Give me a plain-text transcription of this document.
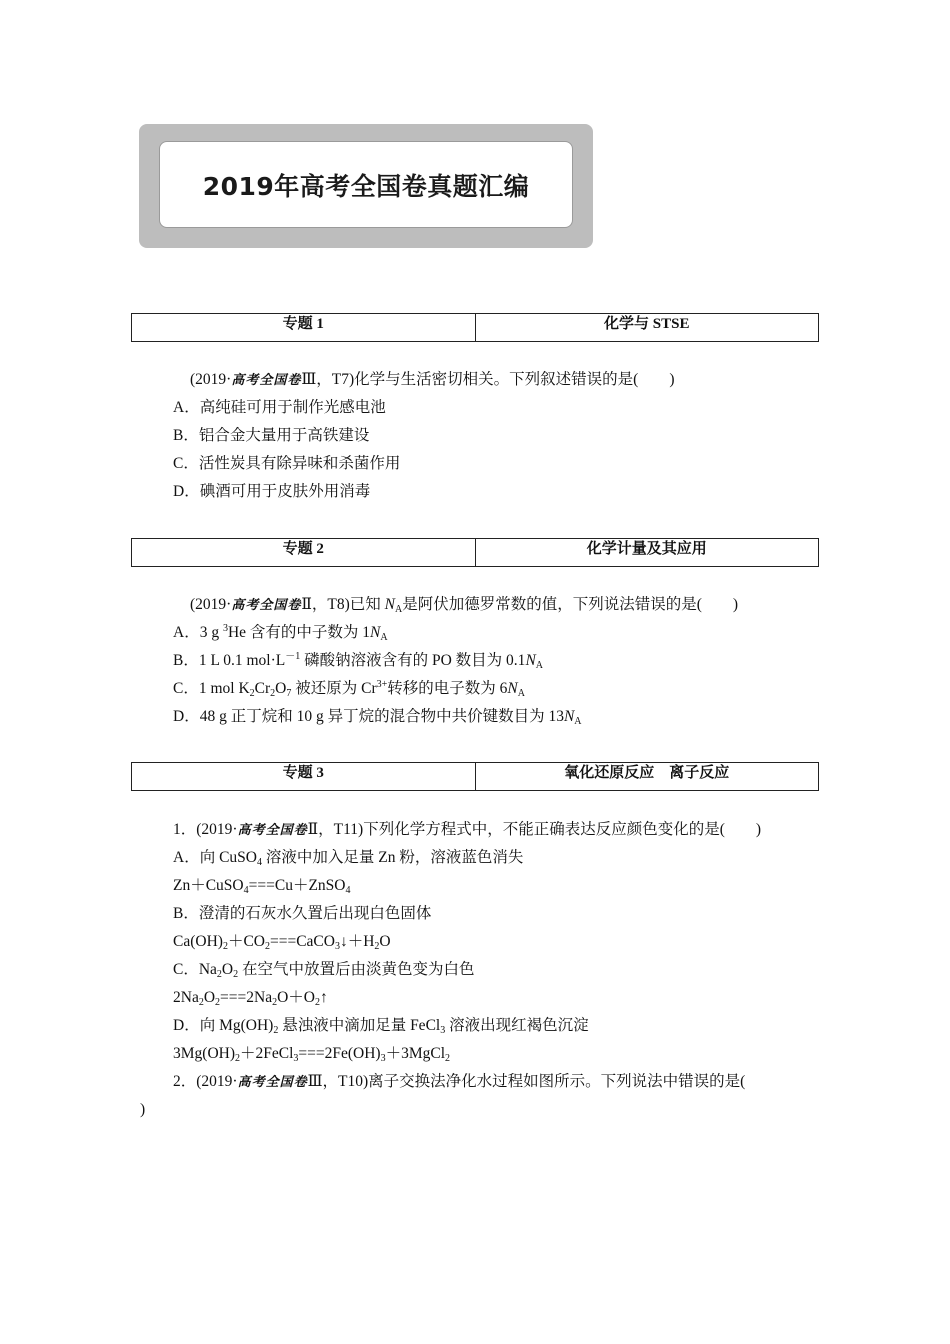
2019年高考全国卷真题汇编
专题 1	化学与 STSE
(2019·高考全国卷Ⅲ，T7)化学与生活密切相关。下列叙述错误的是(　　)
A．高纯硅可用于制作光感电池
B．铝合金大量用于高铁建设
C．活性炭具有除异味和杀菌作用
D．碘酒可用于皮肤外用消毒
专题 2	化学计量及其应用
(2019·高考全国卷Ⅱ，T8)已知 $N_A$是阿伏加德罗常数的值，下列说法错误的是(　　)
A．3 g $^3$He 含有的中子数为 $1N_A$
B．1 L 0.1 $mol\cdot L^{-1}$ 磷酸钠溶液含有的 PO 数目为 $0.1N_A$
C．1 mol $K_2Cr_2O_7$ 被还原为 $Cr^{3+}$转移的电子数为 $6N_A$
D．48 g 正丁烷和 10 g 异丁烷的混合物中共价键数目为 $13N_A$
专题 3	氧化还原反应　离子反应
1．(2019·高考全国卷Ⅱ，T11)下列化学方程式中，不能正确表达反应颜色变化的是(　　)
A．向 CuSO$_4$ 溶液中加入足量 Zn 粉，溶液蓝色消失
Zn＋CuSO$_4$===Cu＋ZnSO$_4$
B．澄清的石灰水久置后出现白色固体
$Ca(OH)_2+CO_2===CaCO_3↓+H_2O$
C．$Na_2O_2$ 在空气中放置后由淡黄色变为白色
$2Na_2O_2===2Na_2O+O_2↑$
D．向 $Mg(OH)_2$ 悬浊液中滴加足量 FeCl$_3$ 溶液出现红褐色沉淀
$3Mg(OH)_2+2FeCl_3===2Fe(OH)_3+3MgCl_2$
2．(2019·高考全国卷Ⅲ，T10)离子交换法净化水过程如图所示。下列说法中错误的是(
)
